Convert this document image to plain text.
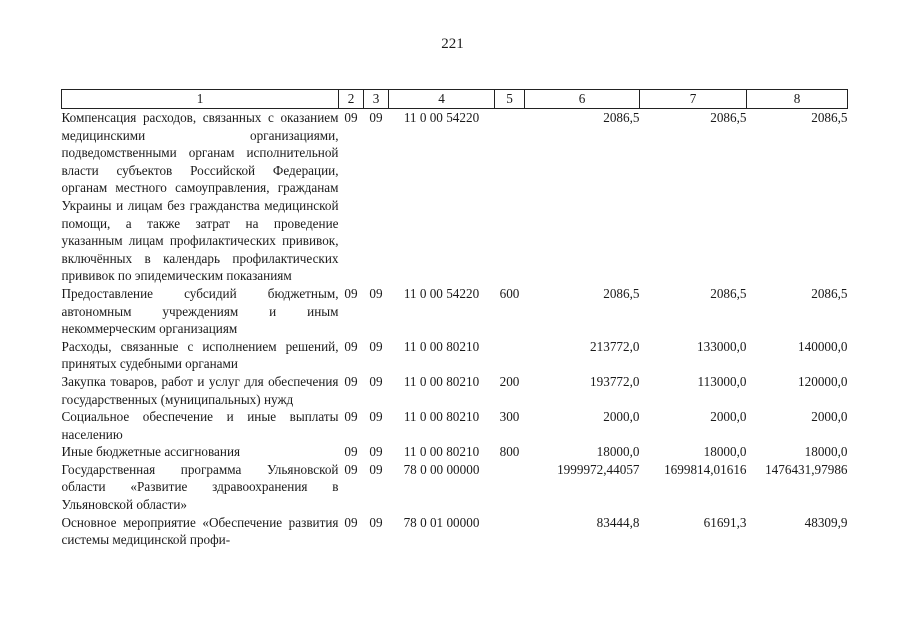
221
1	2	3	4	5	6	7	8
Компенсация расходов, связанных с оказанием медицинскими организациями, подведомственными органам исполнительной власти субъектов Российской Федерации, органам местного самоуправления, гражданам Украины и лицам без гражданства медицинской помощи, а также затрат на проведение указанным лицам профилактических прививок, включённых в календарь профилактических прививок по эпидемическим показаниям	09	09	11 0 00 54220		2086,5	2086,5	2086,5
Предоставление субсидий бюджетным, автономным учреждениям и иным некоммерческим организациям	09	09	11 0 00 54220	600	2086,5	2086,5	2086,5
Расходы, связанные с исполнением решений, принятых судебными органами	09	09	11 0 00 80210		213772,0	133000,0	140000,0
Закупка товаров, работ и услуг для обеспечения государственных (муниципальных) нужд	09	09	11 0 00 80210	200	193772,0	113000,0	120000,0
Социальное обеспечение и иные выплаты населению	09	09	11 0 00 80210	300	2000,0	2000,0	2000,0
Иные бюджетные ассигнования	09	09	11 0 00 80210	800	18000,0	18000,0	18000,0
Государственная программа Ульяновской области «Развитие здравоохранения в Ульяновской области»	09	09	78 0 00 00000		1999972,44057	1699814,01616	1476431,97986
Основное мероприятие «Обеспечение развития системы медицинской профи-	09	09	78 0 01 00000		83444,8	61691,3	48309,9
